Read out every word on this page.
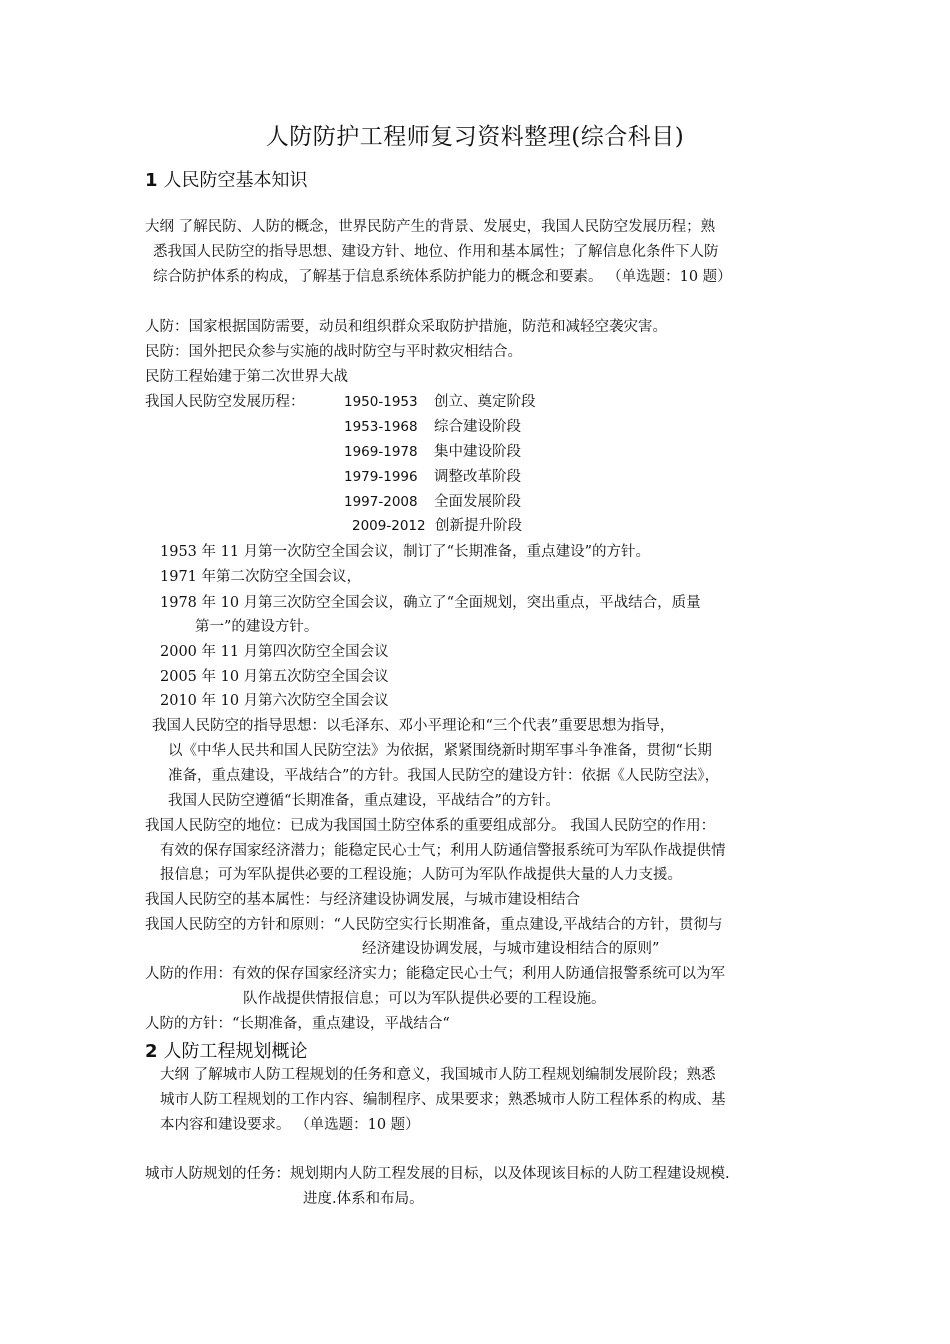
人防防护工程师复习资料整理(综合科目)
1 人民防空基本知识
大纲 了解民防、人防的概念，世界民防产生的背景、发展史，我国人民防空发展历程；熟
悉我国人民防空的指导思想、建设方针、地位、作用和基本属性；了解信息化条件下人防
综合防护体系的构成，了解基于信息系统体系防护能力的概念和要素。 （单选题：10 题）
人防：国家根据国防需要，动员和组织群众采取防护措施，防范和减轻空袭灾害。
民防：国外把民众参与实施的战时防空与平时救灾相结合。
民防工程始建于第二次世界大战
我国人民防空发展历程：	1950-1953 创立、奠定阶段
1953-1968 综合建设阶段
1969-1978 集中建设阶段
1979-1996 调整改革阶段
1997-2008 全面发展阶段
2009-2012 创新提升阶段
1953 年 11 月第一次防空全国会议，制订了“长期准备，重点建设”的方针。
1971 年第二次防空全国会议，
1978 年 10 月第三次防空全国会议，确立了“全面规划，突出重点，平战结合，质量
第一”的建设方针。
2000 年 11 月第四次防空全国会议
2005 年 10 月第五次防空全国会议
2010 年 10 月第六次防空全国会议
我国人民防空的指导思想：以毛泽东、邓小平理论和“三个代表”重要思想为指导，
以《中华人民共和国人民防空法》为依据，紧紧围绕新时期军事斗争准备，贯彻“长期
准备，重点建设，平战结合”的方针。我国人民防空的建设方针：依据《人民防空法》，
我国人民防空遵循“长期准备，重点建设，平战结合”的方针。
我国人民防空的地位：已成为我国国土防空体系的重要组成部分。 我国人民防空的作用：
有效的保存国家经济潜力；能稳定民心士气；利用人防通信警报系统可为军队作战提供情
报信息；可为军队提供必要的工程设施；人防可为军队作战提供大量的人力支援。
我国人民防空的基本属性：与经济建设协调发展，与城市建设相结合
我国人民防空的方针和原则：“人民防空实行长期准备，重点建设,平战结合的方针，贯彻与
经济建设协调发展，与城市建设相结合的原则”
人防的作用：有效的保存国家经济实力；能稳定民心士气；利用人防通信报警系统可以为军
队作战提供情报信息；可以为军队提供必要的工程设施。
人防的方针：“长期准备，重点建设，平战结合“
2 人防工程规划概论
大纲 了解城市人防工程规划的任务和意义，我国城市人防工程规划编制发展阶段；熟悉
城市人防工程规划的工作内容、编制程序、成果要求；熟悉城市人防工程体系的构成、基
本内容和建设要求。 （单选题：10 题）
城市人防规划的任务：规划期内人防工程发展的目标，以及体现该目标的人防工程建设规模.
进度.体系和布局。
